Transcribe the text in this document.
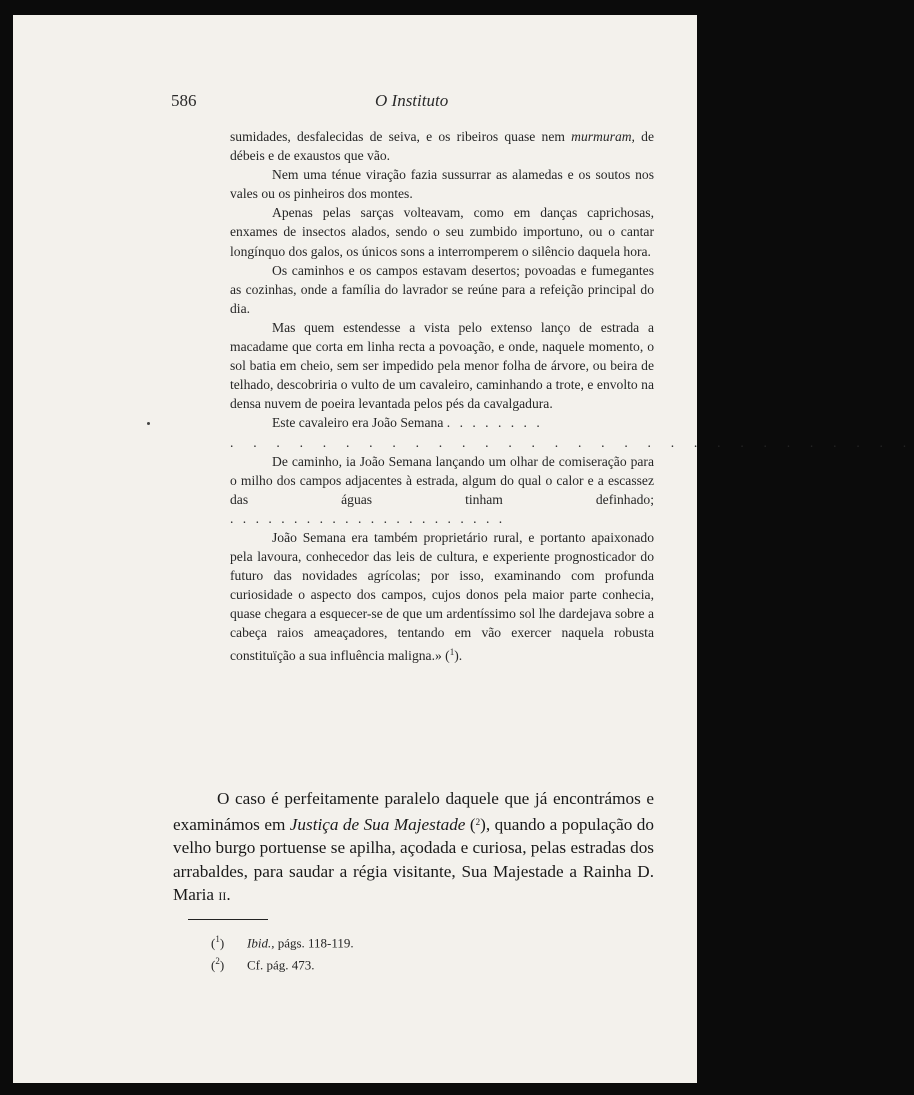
586	O Instituto

sumidades, desfalecidas de seiva, e os ribeiros quase nem murmuram, de débeis e de exaustos que vão.

Nem uma ténue viração fazia sussurrar as alamedas e os soutos nos vales ou os pinheiros dos montes.

Apenas pelas sarças volteavam, como em danças caprichosas, enxames de insectos alados, sendo o seu zumbido importuno, ou o cantar longínquo dos galos, os únicos sons a interromperem o silêncio daquela hora.

Os caminhos e os campos estavam desertos; povoadas e fumegantes as cozinhas, onde a família do lavrador se reúne para a refeição principal do dia.

Mas quem estendesse a vista pelo extenso lanço de estrada a macadame que corta em linha recta a povoação, e onde, naquele momento, o sol batia em cheio, sem ser impedido pela menor folha de árvore, ou beira de telhado, descobriria o vulto de um cavaleiro, caminhando a trote, e envolto na densa nuvem de poeira levantada pelos pés da cavalgadura.

Este cavaleiro era João Semana . . . . . . . .

. . . . . . . . . . . . . . . . . . . . . . . . . . . . . .

De caminho, ia João Semana lançando um olhar de comiseração para o milho dos campos adjacentes à estrada, algum do qual o calor e a escassez das águas tinham definhado; . . . . . . . . . . . . . . . . . . . . . .

João Semana era também proprietário rural, e portanto apaixonado pela lavoura, conhecedor das leis de cultura, e experiente prognosticador do futuro das novidades agrícolas; por isso, examinando com profunda curiosidade o aspecto dos campos, cujos donos pela maior parte conhecia, quase chegara a esquecer-se de que um ardentíssimo sol lhe dardejava sobre a cabeça raios ameaçadores, tentando em vão exercer naquela robusta constituïção a sua influência maligna.» ($^1$).

O caso é perfeitamente paralelo daquele que já encontrámos e examinámos em Justiça de Sua Majestade ($^2$), quando a população do velho burgo portuense se apilha, açodada e curiosa, pelas estradas dos arrabaldes, para saudar a régia visitante, Sua Majestade a Rainha D. Maria ii.

($^1$) Ibid., págs. 118-119.
($^2$) Cf. pág. 473.
